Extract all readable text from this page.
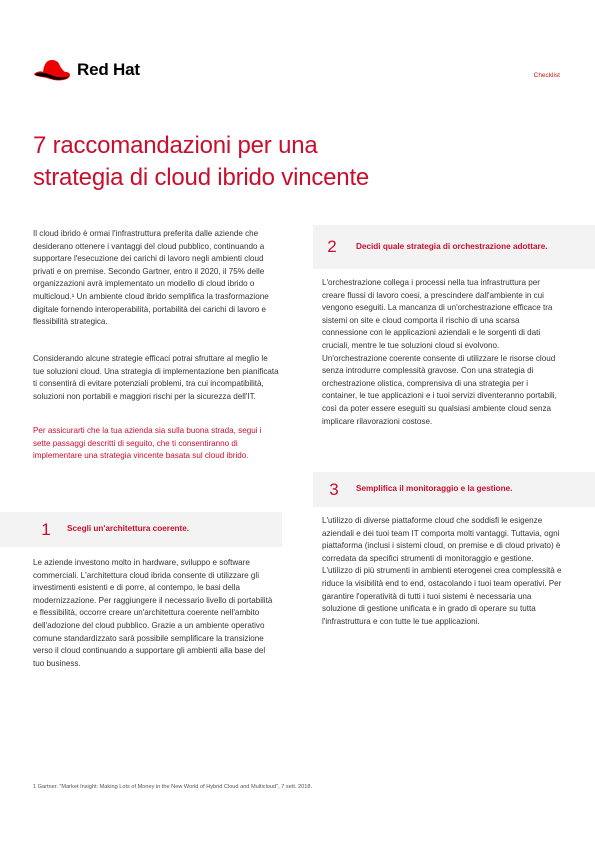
Red Hat	Checklist
7 raccomandazioni per una
strategia di cloud ibrido vincente

Il cloud ibrido è ormai l'infrastruttura preferita dalle aziende che desiderano ottenere i vantaggi del cloud pubblico, continuando a supportare l'esecuzione dei carichi di lavoro negli ambienti cloud privati e on premise. Secondo Gartner, entro il 2020, il 75% delle organizzazioni avrà implementato un modello di cloud ibrido o multicloud.¹ Un ambiente cloud ibrido semplifica la trasformazione digitale fornendo interoperabilità, portabilità dei carichi di lavoro e flessibilità strategica.

Considerando alcune strategie efficaci potrai sfruttare al meglio le tue soluzioni cloud. Una strategia di implementazione ben pianificata ti consentirà di evitare potenziali problemi, tra cui incompatibilità, soluzioni non portabili e maggiori rischi per la sicurezza dell'IT.

Per assicurarti che la tua azienda sia sulla buona strada, segui i sette passaggi descritti di seguito, che ti consentiranno di implementare una strategia vincente basata sul cloud ibrido.

1	Scegli un'architettura coerente.

Le aziende investono molto in hardware, sviluppo e software commerciali. L'architettura cloud ibrida consente di utilizzare gli investimenti esistenti e di porre, al contempo, le basi della modernizzazione. Per raggiungere il necessario livello di portabilità e flessibilità, occorre creare un'architettura coerente nell'ambito dell'adozione del cloud pubblico. Grazie a un ambiente operativo comune standardizzato sarà possibile semplificare la transizione verso il cloud continuando a supportare gli ambienti alla base del tuo business.

2	Decidi quale strategia di orchestrazione adottare.

L'orchestrazione collega i processi nella tua infrastruttura per creare flussi di lavoro coesi, a prescindere dall'ambiente in cui vengono eseguiti. La mancanza di un'orchestrazione efficace tra sistemi on site e cloud comporta il rischio di una scarsa connessione con le applicazioni aziendali e le sorgenti di dati cruciali, mentre le tue soluzioni cloud si evolvono. Un'orchestrazione coerente consente di utilizzare le risorse cloud senza introdurre complessità gravose. Con una strategia di orchestrazione olistica, comprensiva di una strategia per i container, le tue applicazioni e i tuoi servizi diventeranno portabili, così da poter essere eseguiti su qualsiasi ambiente cloud senza implicare rilavorazioni costose.

3	Semplifica il monitoraggio e la gestione.

L'utilizzo di diverse piattaforme cloud che soddisfi le esigenze aziendali e dei tuoi team IT comporta molti vantaggi. Tuttavia, ogni piattaforma (inclusi i sistemi cloud, on premise e di cloud privato) è corredata da specifici strumenti di monitoraggio e gestione. L'utilizzo di più strumenti in ambienti eterogenei crea complessità e riduce la visibilità end to end, ostacolando i tuoi team operativi. Per garantire l'operatività di tutti i tuoi sistemi è necessaria una soluzione di gestione unificata e in grado di operare su tutta l'infrastruttura e con tutte le tue applicazioni.

1 Gartner. "Market Insight: Making Lots of Money in the New World of Hybrid Cloud and Multicloud", 7 sett. 2018.
